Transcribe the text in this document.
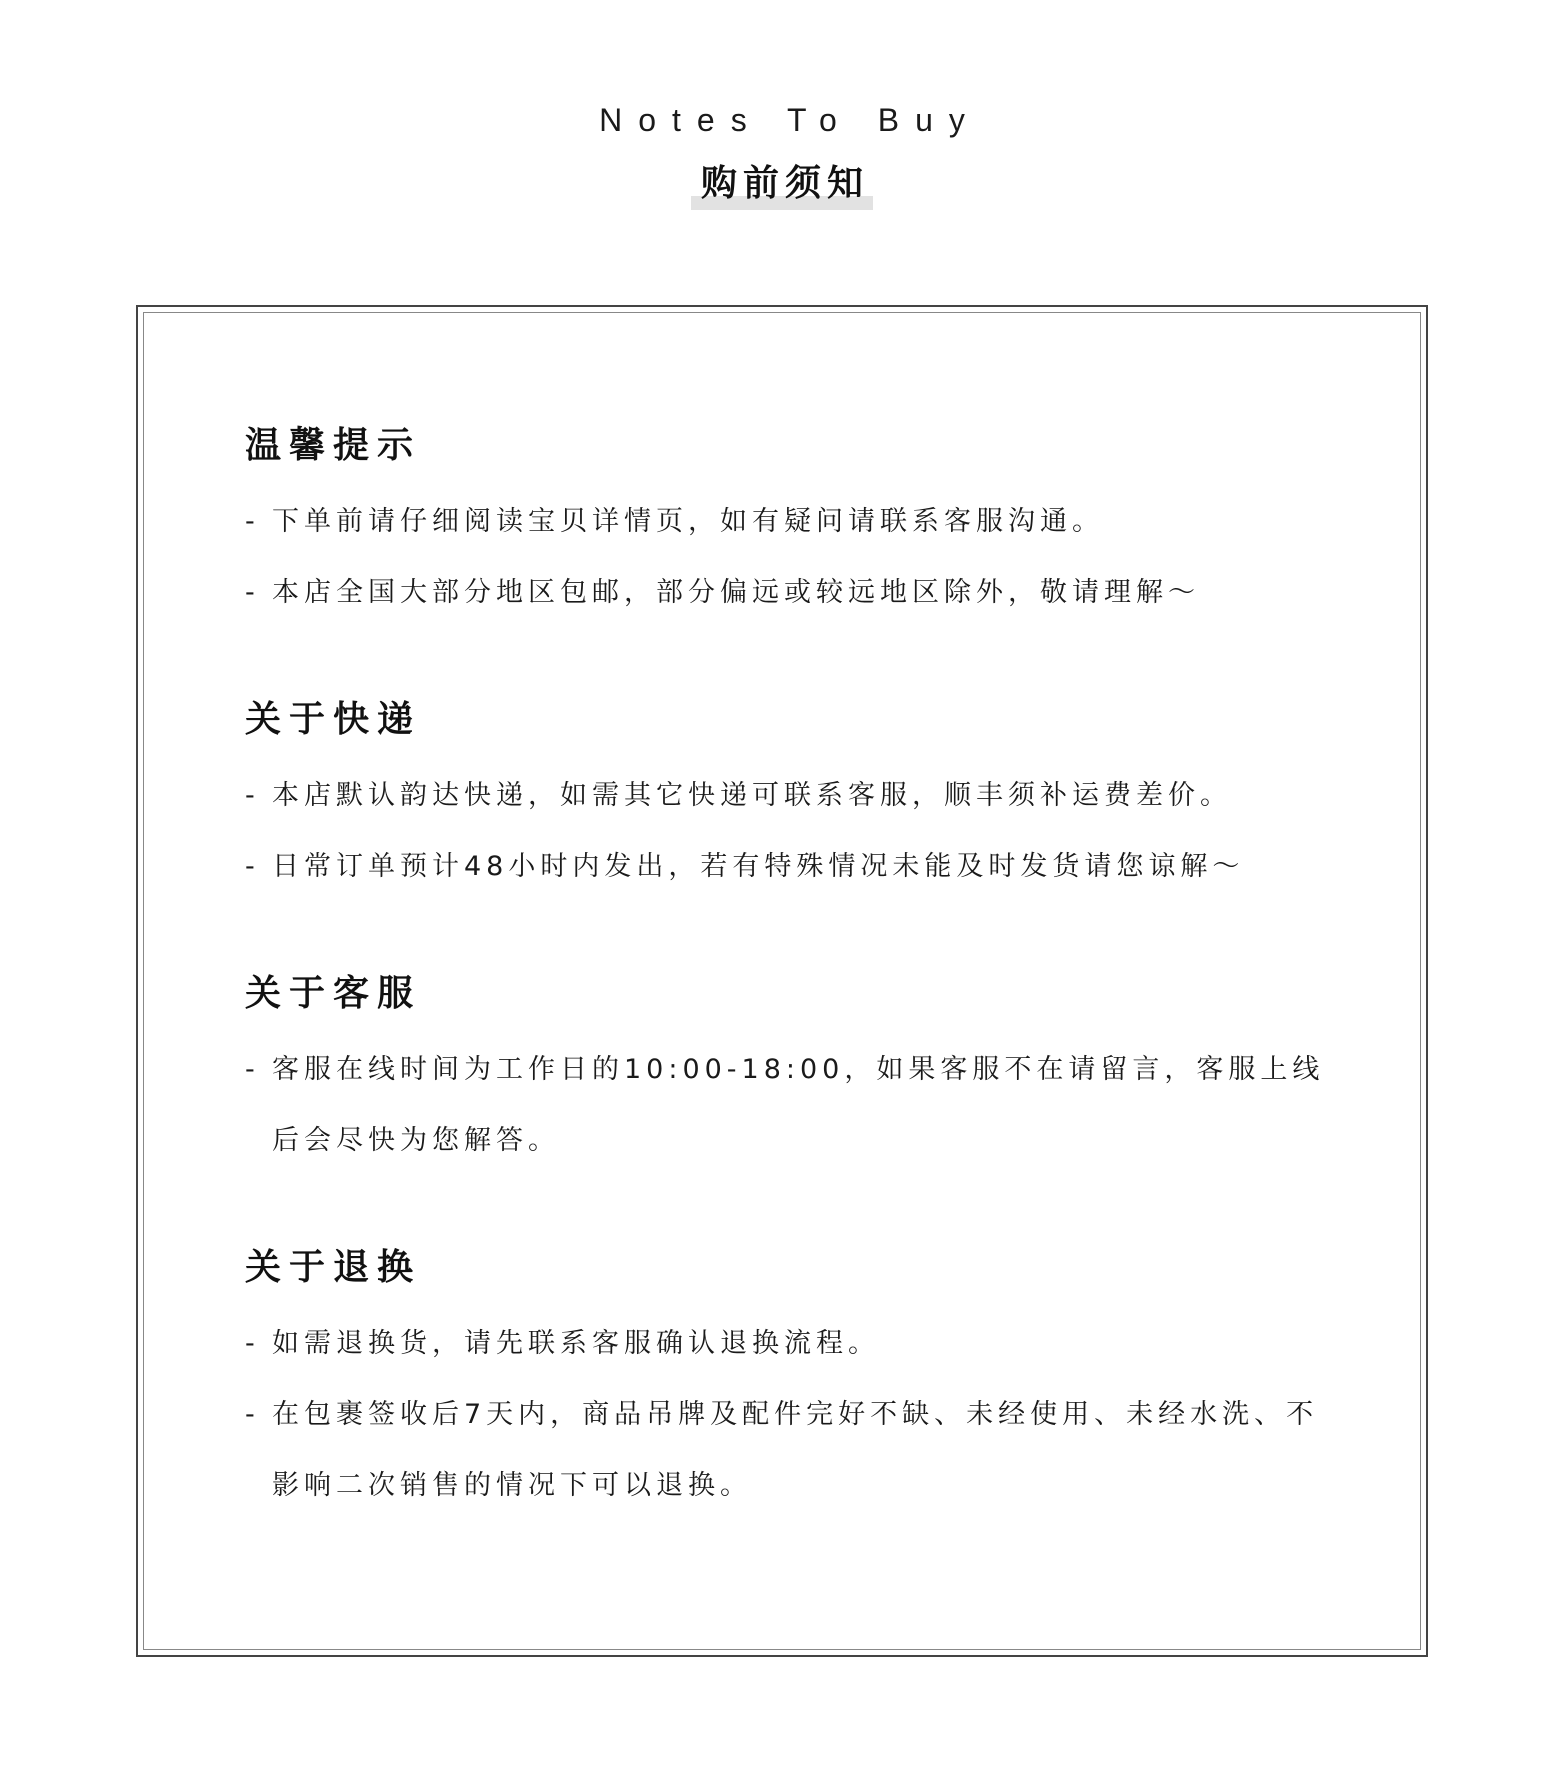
Notes To Buy
购前须知
温馨提示
- 下单前请仔细阅读宝贝详情页，如有疑问请联系客服沟通。
- 本店全国大部分地区包邮，部分偏远或较远地区除外，敬请理解～
关于快递
- 本店默认韵达快递，如需其它快递可联系客服，顺丰须补运费差价。
- 日常订单预计48小时内发出，若有特殊情况未能及时发货请您谅解～
关于客服
- 客服在线时间为工作日的10:00-18:00，如果客服不在请留言，客服上线后会尽快为您解答。
关于退换
- 如需退换货，请先联系客服确认退换流程。
- 在包裹签收后7天内，商品吊牌及配件完好不缺、未经使用、未经水洗、不影响二次销售的情况下可以退换。
